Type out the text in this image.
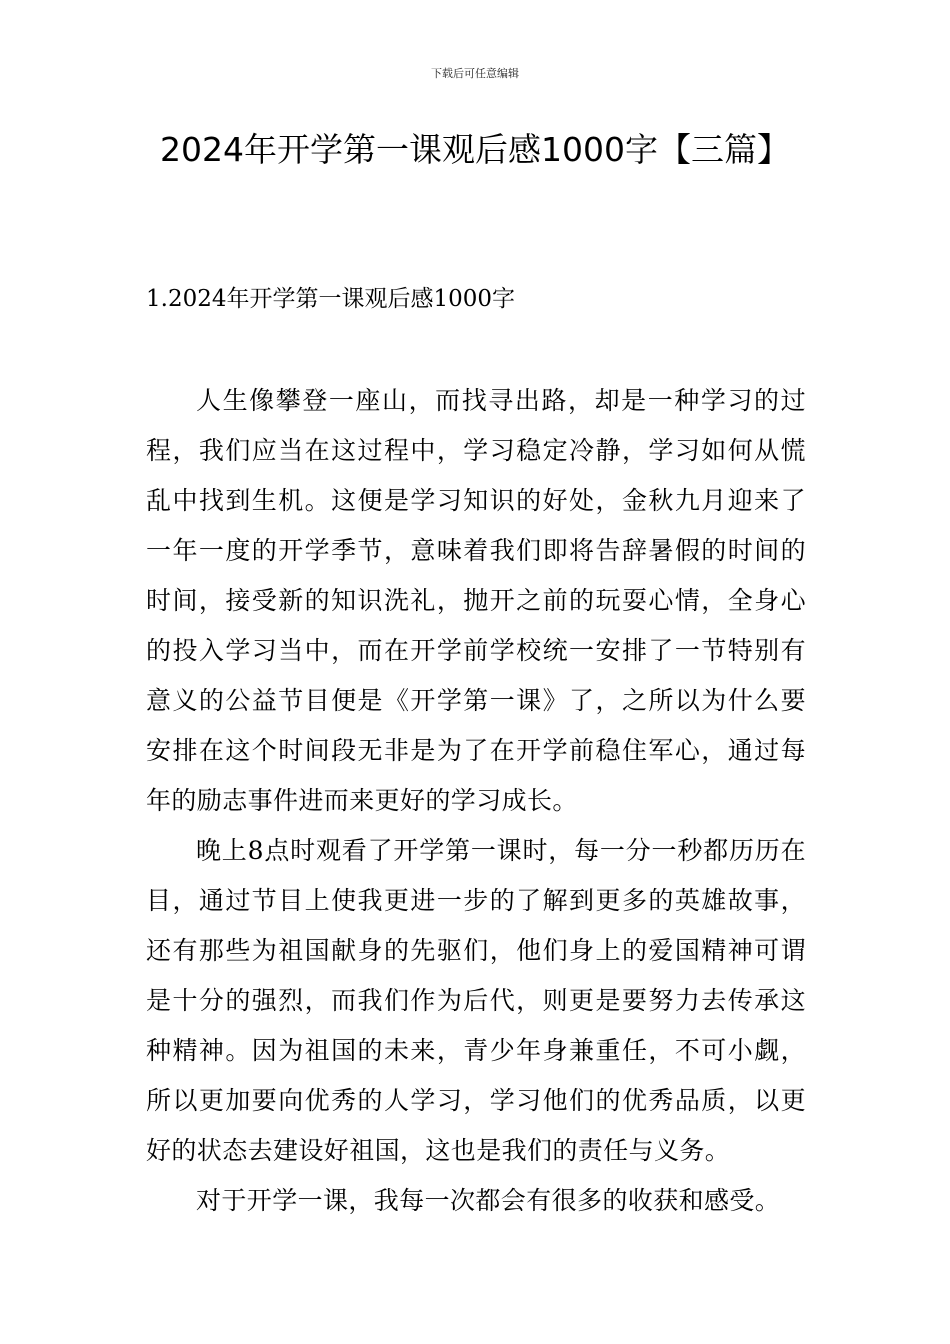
下载后可任意编辑
2024年开学第一课观后感1000字【三篇】
1.2024年开学第一课观后感1000字

人生像攀登一座山，而找寻出路，却是一种学习的过程，我们应当在这过程中，学习稳定冷静，学习如何从慌乱中找到生机。这便是学习知识的好处，金秋九月迎来了一年一度的开学季节，意味着我们即将告辞暑假的时间的时间，接受新的知识洗礼，抛开之前的玩耍心情，全身心的投入学习当中，而在开学前学校统一安排了一节特别有意义的公益节目便是《开学第一课》了，之所以为什么要安排在这个时间段无非是为了在开学前稳住军心，通过每年的励志事件进而来更好的学习成长。

晚上8点时观看了开学第一课时，每一分一秒都历历在目，通过节目上使我更进一步的了解到更多的英雄故事，还有那些为祖国献身的先驱们，他们身上的爱国精神可谓是十分的强烈，而我们作为后代，则更是要努力去传承这种精神。因为祖国的未来，青少年身兼重任，不可小觑，所以更加要向优秀的人学习，学习他们的优秀品质，以更好的状态去建设好祖国，这也是我们的责任与义务。

对于开学一课，我每一次都会有很多的收获和感受。
